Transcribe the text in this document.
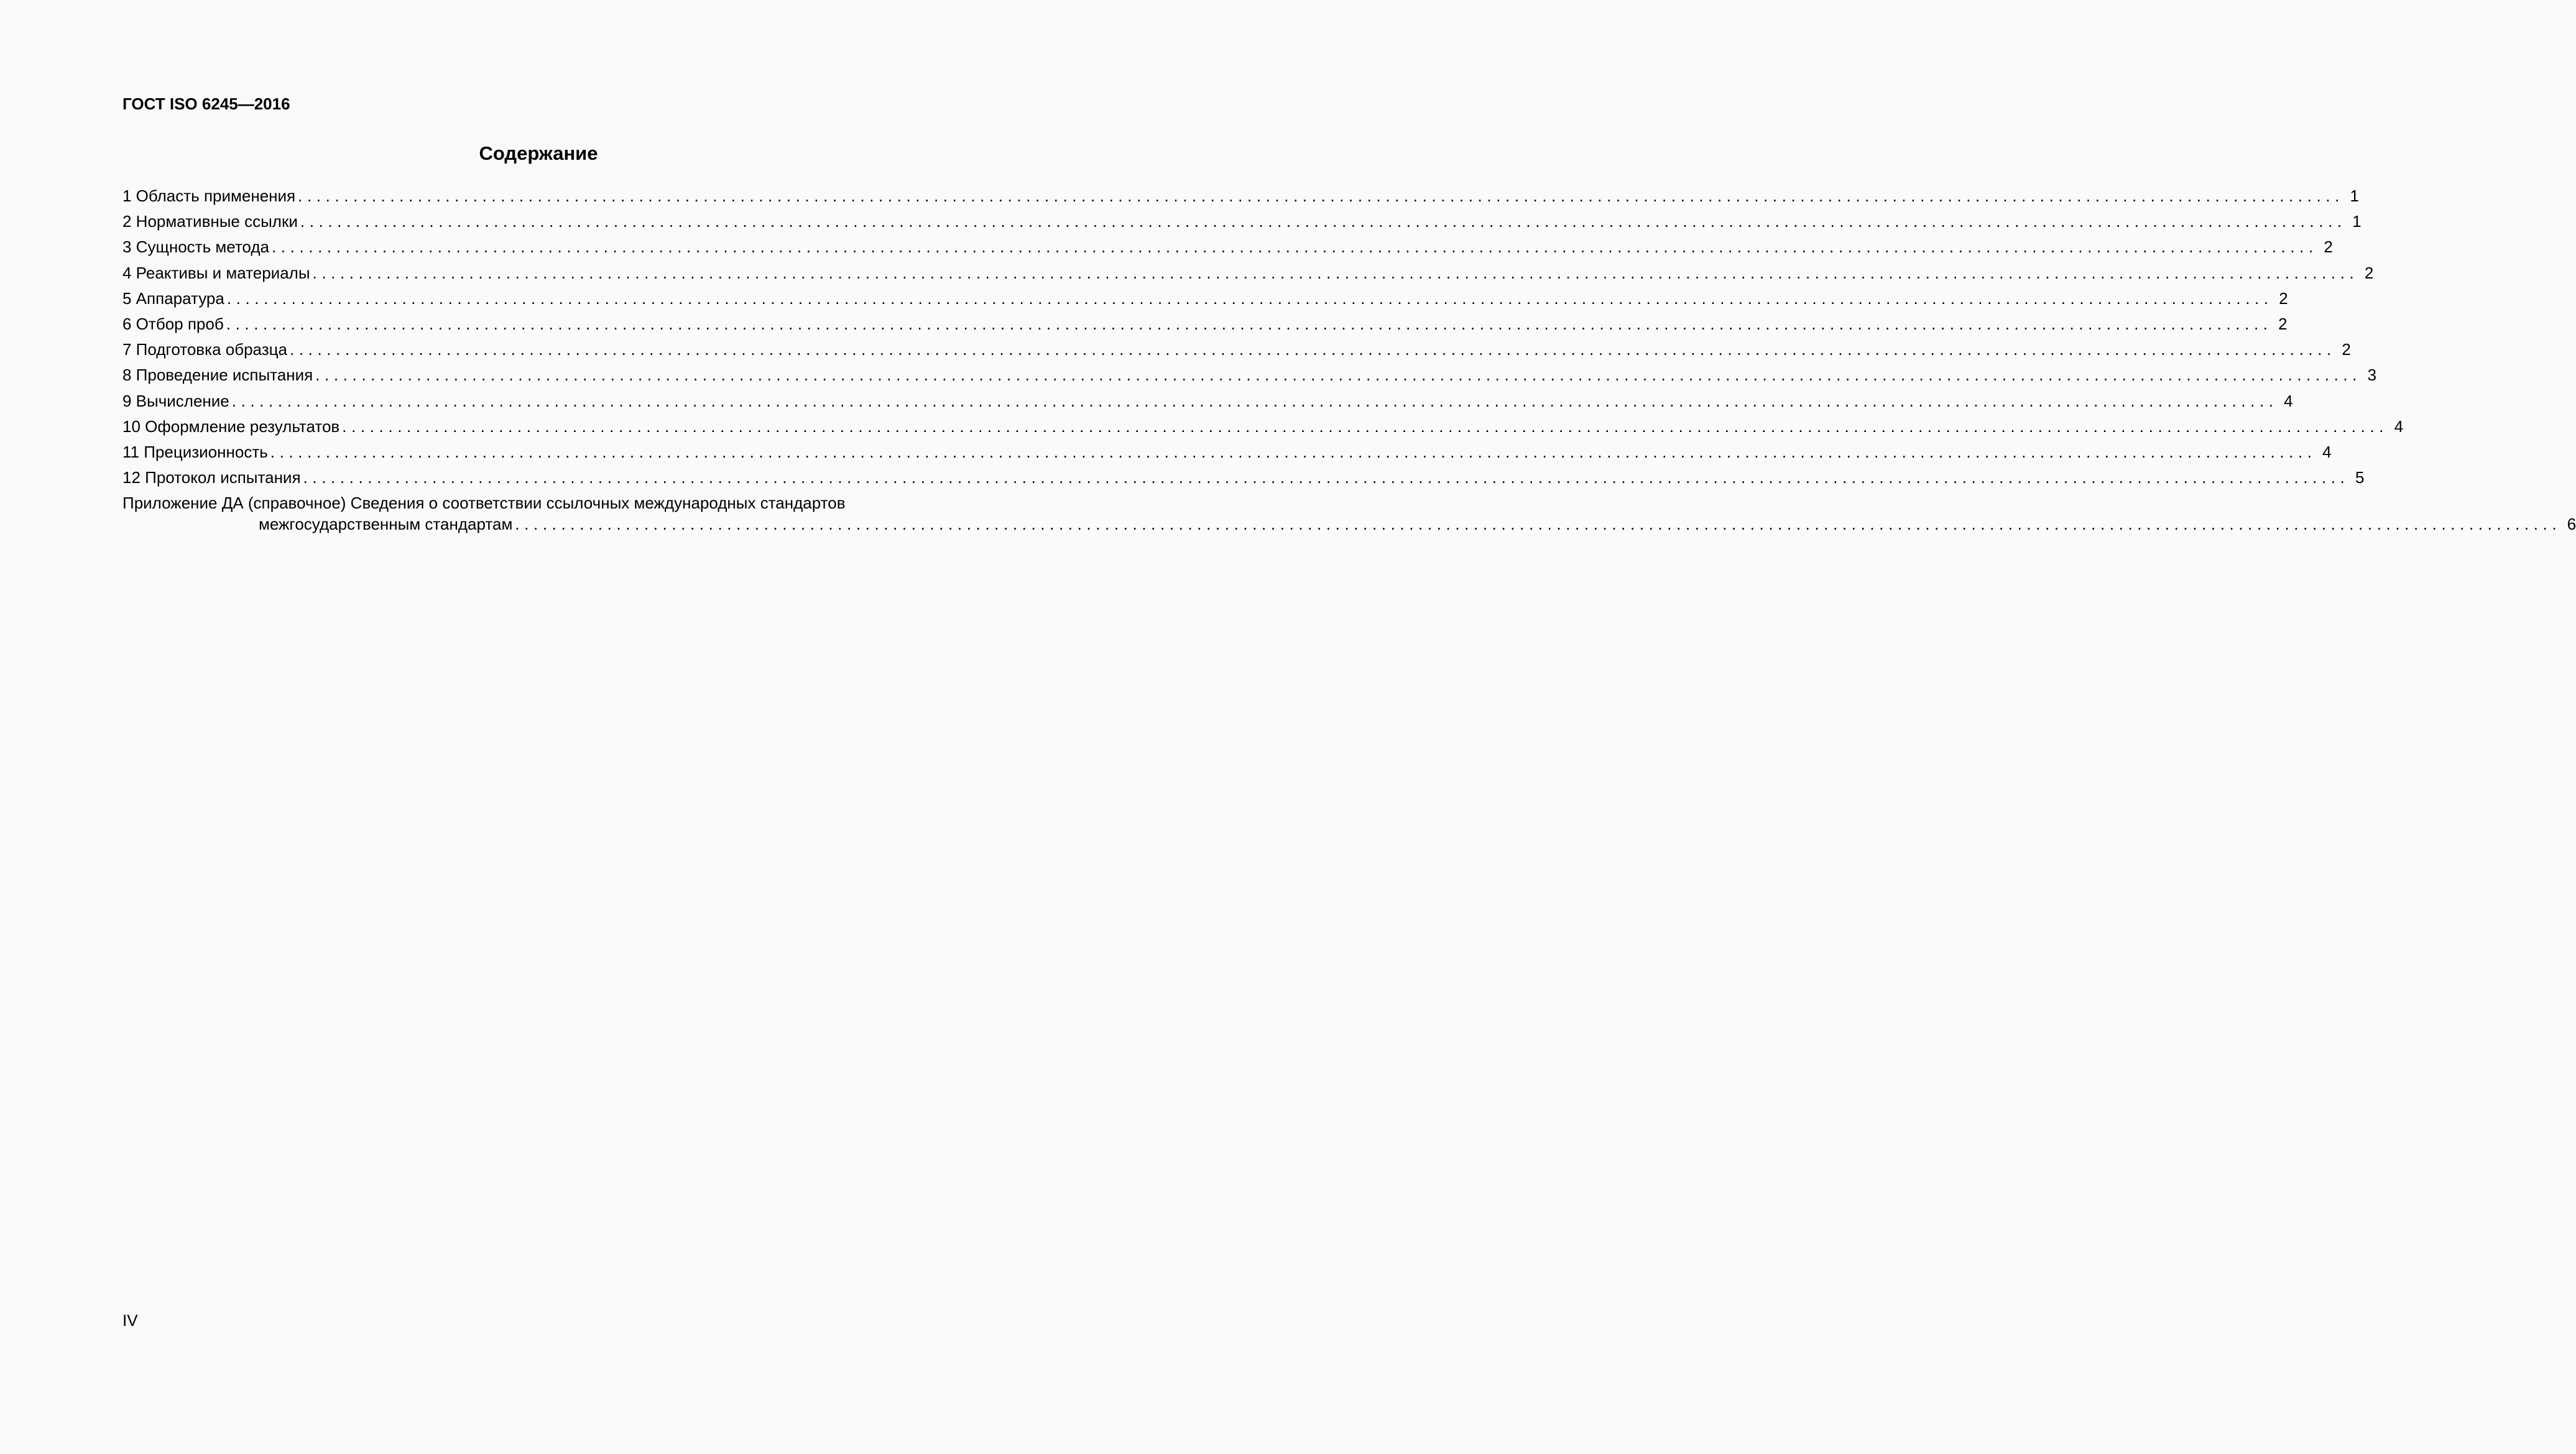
ГОСТ ISO 6245—2016
Содержание
1 Область применения .....	1
2 Нормативные ссылки .....	1
3 Сущность метода .....	2
4 Реактивы и материалы .....	2
5 Аппаратура .....	2
6 Отбор проб .....	2
7 Подготовка образца .....	2
8 Проведение испытания .....	3
9 Вычисление .....	4
10 Оформление результатов .....	4
11 Прецизионность .....	4
12 Протокол испытания .....	5
Приложение ДА (справочное) Сведения о соответствии ссылочных международных стандартов
межгосударственным стандартам .....	6
IV
